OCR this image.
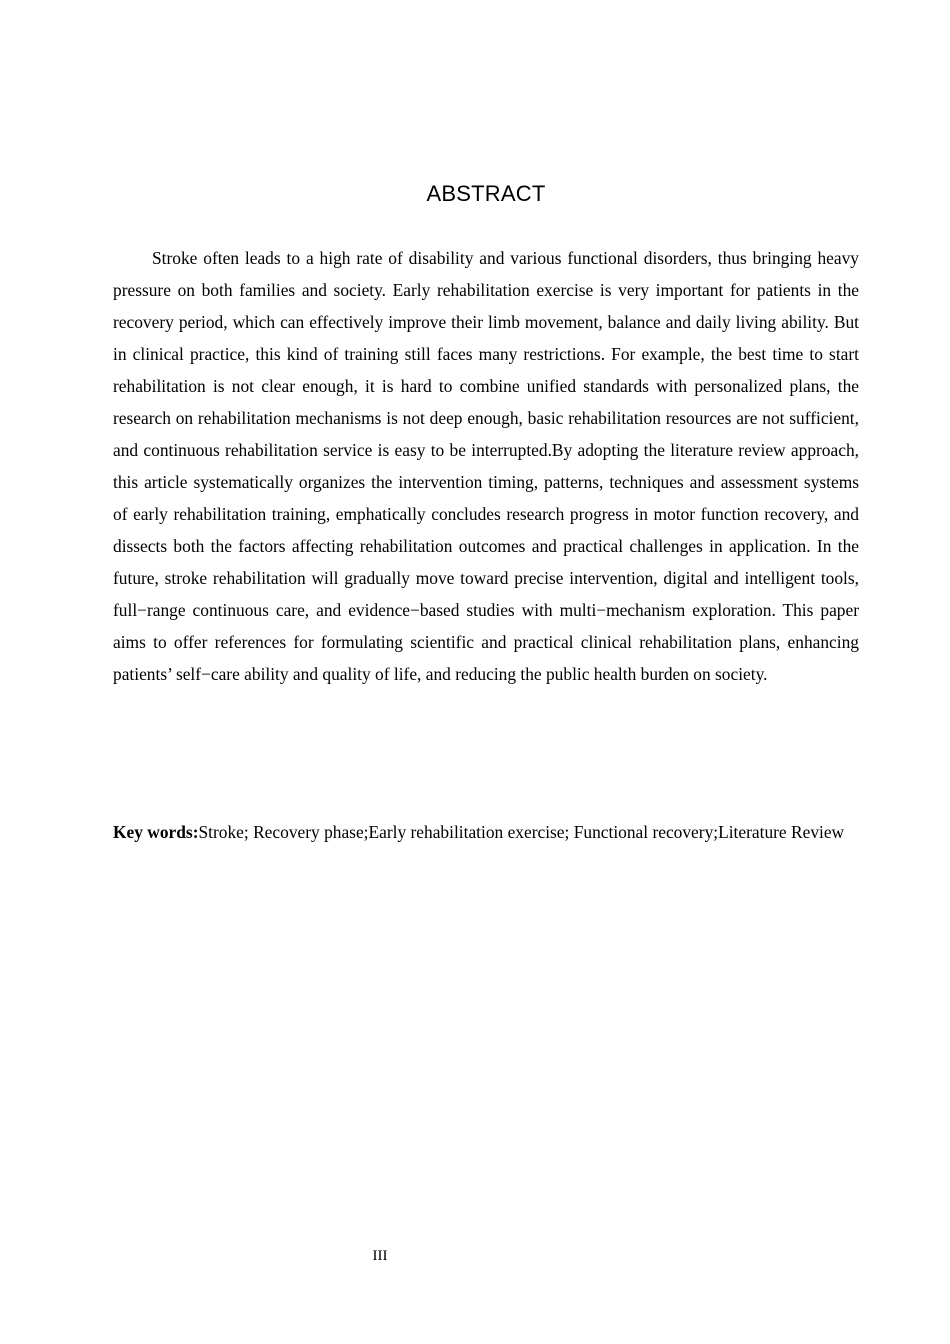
ABSTRACT

Stroke often leads to a high rate of disability and various functional disorders, thus bringing heavy pressure on both families and society. Early rehabilitation exercise is very important for patients in the recovery period, which can effectively improve their limb movement, balance and daily living ability. But in clinical practice, this kind of training still faces many restrictions. For example, the best time to start rehabilitation is not clear enough, it is hard to combine unified standards with personalized plans, the research on rehabilitation mechanisms is not deep enough, basic rehabilitation resources are not sufficient, and continuous rehabilitation service is easy to be interrupted.By adopting the literature review approach, this article systematically organizes the intervention timing, patterns, techniques and assessment systems of early rehabilitation training, emphatically concludes research progress in motor function recovery, and dissects both the factors affecting rehabilitation outcomes and practical challenges in application. In the future, stroke rehabilitation will gradually move toward precise intervention, digital and intelligent tools, full−range continuous care, and evidence−based studies with multi−mechanism exploration. This paper aims to offer references for formulating scientific and practical clinical rehabilitation plans, enhancing patients’ self−care ability and quality of life, and reducing the public health burden on society.

Key words:Stroke; Recovery phase;Early rehabilitation exercise; Functional recovery;Literature Review

III
